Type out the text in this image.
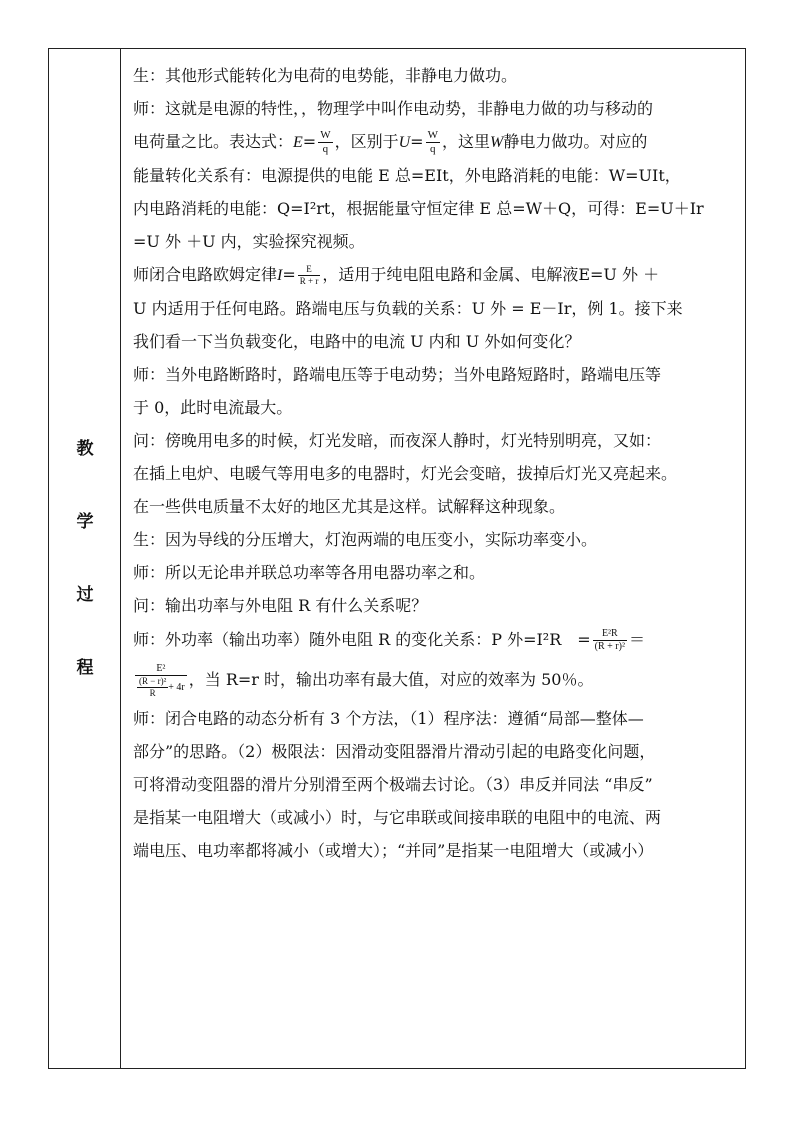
教
学
过
程

生：其他形式能转化为电荷的电势能，非静电力做功。

师：这就是电源的特性，，物理学中叫作电动势，非静电力做的功与移动的

电荷量之比。表达式：$E= \frac{W}{q}$ ，区别于$U= \frac{W}{q}$ ，这里W静电力做功。对应的

能量转化关系有：电源提供的电能 E 总=EIt，外电路消耗的电能：W=UIt，

内电路消耗的电能：Q=I²rt，根据能量守恒定律 E 总=W＋Q，可得：E=U＋Ir

=U 外 ＋U 内，实验探究视频。

师闭合电路欧姆定律$I= \frac{E}{R + r}$ ，适用于纯电阻电路和金属、电解液E=U 外 ＋

U 内适用于任何电路。路端电压与负载的关系：U 外 = E－Ir，例 1。接下来

我们看一下当负载变化，电路中的电流 U 内和 U 外如何变化？

师：当外电路断路时，路端电压等于电动势；当外电路短路时，路端电压等

于 0，此时电流最大。

问：傍晚用电多的时候，灯光发暗，而夜深人静时，灯光特别明亮，又如：

在插上电炉、电暖气等用电多的电器时，灯光会变暗，拔掉后灯光又亮起来。

在一些供电质量不太好的地区尤其是这样。试解释这种现象。

生：因为导线的分压增大，灯泡两端的电压变小，实际功率变小。

师：所以无论串并联总功率等各用电器功率之和。

问：输出功率与外电阻 R 有什么关系呢？

师：外功率（输出功率）随外电阻 R 的变化关系：P 外=I²R　= $\frac{\text{E²R}}{\text{(R + r)²}}$ ＝

$\frac{\text{E²}}{\frac{\text{(R − r)²}}{R} + 4r}$ ，当 R=r 时，输出功率有最大值，对应的效率为 50％。

师：闭合电路的动态分析有 3 个方法，（1）程序法：遵循“局部—整体—

部分”的思路。（2）极限法：因滑动变阻器滑片滑动引起的电路变化问题，

可将滑动变阻器的滑片分别滑至两个极端去讨论。（3）串反并同法 “串反”

是指某一电阻增大（或减小）时，与它串联或间接串联的电阻中的电流、两

端电压、电功率都将减小（或增大）；“并同”是指某一电阻增大（或减小）
